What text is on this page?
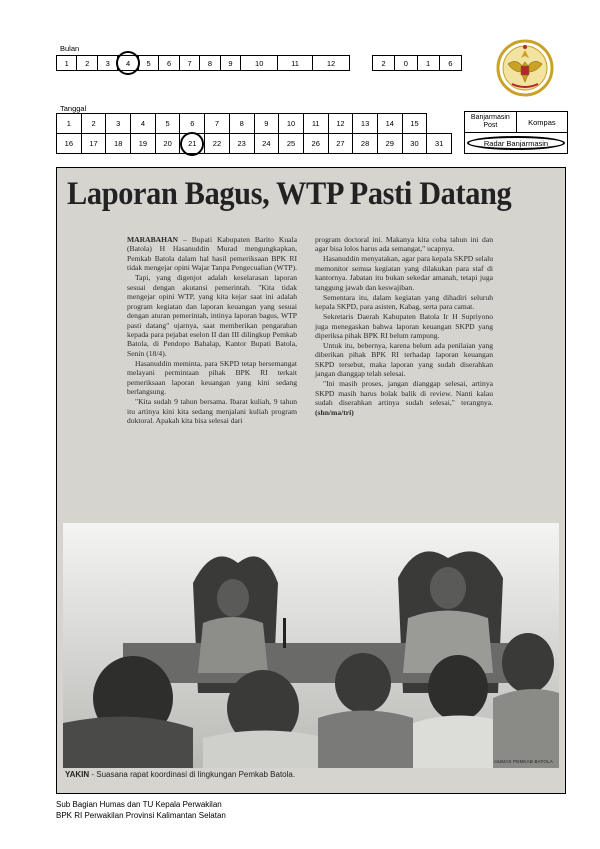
Bulan
1	2	3	4	5	6	7	8	9	10	11	12	2	0	1	6
Tanggal
1	2	3	4	5	6	7	8	9	10	11	12	13	14	15	
16	17	18	19	20	21	22	23	24	25	26	27	28	29	30	31
Banjarmasin Post	Kompas
Radar Banjarmasin
Laporan Bagus, WTP Pasti Datang

MARABAHAN – Bupati Kabupaten Barito Kuala (Batola) H Hasanuddin Murad mengungkapkan, Pemkab Batola dalam hal hasil pemeriksaan BPK RI tidak mengejar opini Wajar Tanpa Pengecualian (WTP).

Tapi, yang digenjot adalah keselarasan laporan sesuai dengan akutansi pemerintah. "Kita tidak mengejar opini WTP, yang kita kejar saat ini adalah program kegiatan dan laporan keuangan yang sesuai dengan aturan pemerintah, intinya laporan bagus, WTP pasti datang" ujarnya, saat memberikan pengarahan kepada para pejabat eselon II dan III dilingkup Pemkab Batola, di Pendopo Bahalap, Kantor Bupati Batola, Senin (18/4).

Hasanuddin meminta, para SKPD tetap bersemangat melayani permintaan pihak BPK RI terkait pemeriksaan laporan keuangan yang kini sedang berlangsung.

"Kita sudah 9 tahun bersama. Ibarat kuliah, 9 tahun itu artinya kini kita sedang menjalani kuliah program doktoral. Apakah kita bisa selesai dari

program doctoral ini. Makanya kita coba tahun ini dan agar bisa lolos harus ada semangat," ucapnya.

Hasanuddin menyatakan, agar para kepala SKPD selalu memonitor semua kegiatan yang dilakukan para staf di kantornya. Jabatan itu bukan sekedar amanah, tetapi juga tanggung jawab dan keswajiban.

Sementara itu, dalam kegiatan yang dihadiri seluruh kepala SKPD, para asisten, Kabag, serta para camat.

Sekretaris Daerah Kabupaten Batola Ir H Supriyono juga menegaskan bahwa laporan keuangan SKPD yang diperiksa pihak BPK RI belum rampung.

Untuk itu, bebernya, karena belum ada penilaian yang diberikan pihak BPK RI terhadap laporan keuangan SKPD tersebut, maka laporan yang sudah diserahkan jangan dianggap telah selesai.

"Ini masih proses, jangan dianggap selesai, artinya SKPD masih harus bolak balik di review. Nanti kalau sudah diserahkan artinya sudah selesai," terangnya. (shn/ma/tri)

HUMAS PEMKAB BATOLA
YAKIN - Suasana rapat koordinasi di lingkungan Pemkab Batola.
Sub Bagian Humas dan TU Kepala Perwakilan
BPK RI Perwakilan Provinsi Kalimantan Selatan
